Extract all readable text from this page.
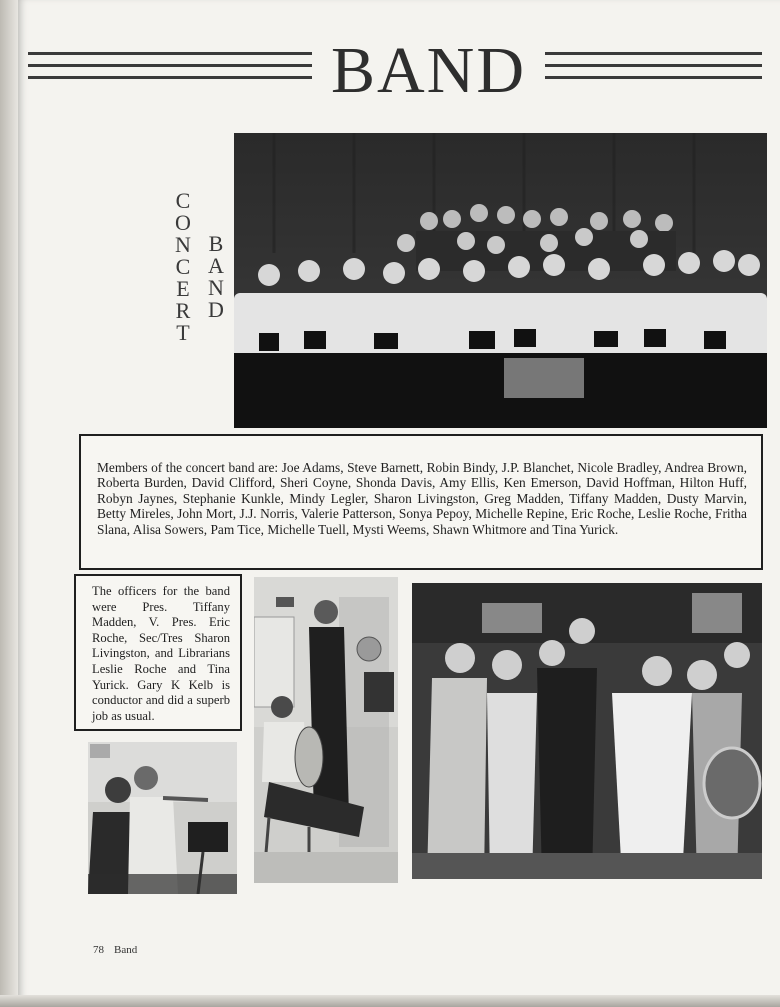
BAND
C
O
N
C
E
R
T
B
A
N
D
Members of the concert band are: Joe Adams, Steve Barnett, Robin Bindy, J.P. Blanchet, Nicole Bradley, Andrea Brown, Roberta Burden, David Clifford, Sheri Coyne, Shonda Davis, Amy Ellis, Ken Emerson, David Hoffman, Hilton Huff, Robyn Jaynes, Stephanie Kunkle, Mindy Legler, Sharon Livingston, Greg Madden, Tiffany Madden, Dusty Marvin, Betty Mireles, John Mort, J.J. Norris, Valerie Patterson, Sonya Pepoy, Michelle Repine, Eric Roche, Leslie Roche, Fritha Slana, Alisa Sowers, Pam Tice, Michelle Tuell, Mysti Weems, Shawn Whitmore and Tina Yurick.
The officers for the band were Pres. Tiffany Madden, V. Pres. Eric Roche, Sec/Tres Sharon Livingston, and Librarians Leslie Roche and Tina Yurick. Gary K Kelb is conductor and did a superb job as usual.
78 Band
